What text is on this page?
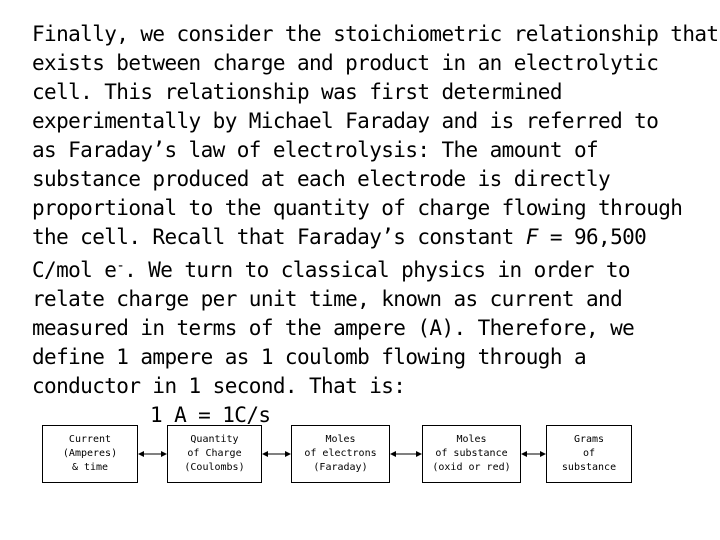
Finally, we consider the stoichiometric relationship that
exists between charge and product in an electrolytic
cell. This relationship was first determined
experimentally by Michael Faraday and is referred to
as Faraday’s law of electrolysis: The amount of
substance produced at each electrode is directly
proportional to the quantity of charge flowing through
the cell. Recall that Faraday’s constant F = 96,500
C/mol e-. We turn to classical physics in order to
relate charge per unit time, known as current and
measured in terms of the ampere (A). Therefore, we
define 1 ampere as 1 coulomb flowing through a
conductor in 1 second. That is:
1 A = 1C/s
Current
(Amperes)
& time
Quantity
of Charge
(Coulombs)
Moles
of electrons
(Faraday)
Moles
of substance
(oxid or red)
Grams
of
substance
